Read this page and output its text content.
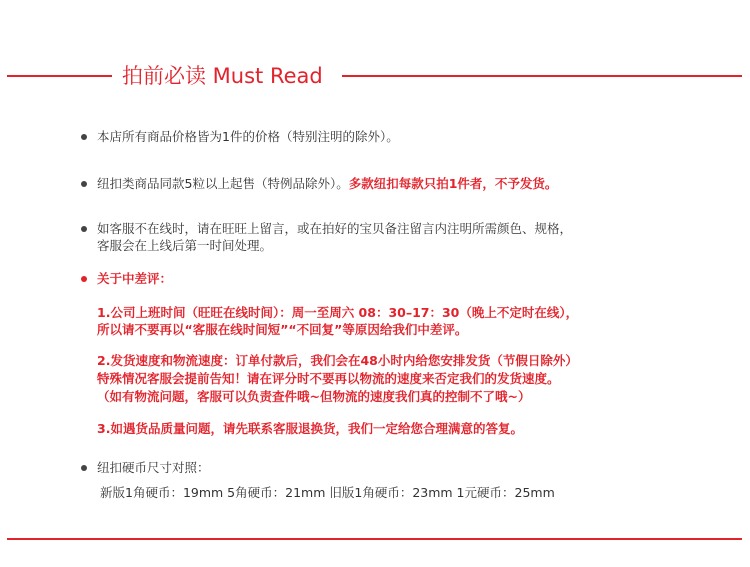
拍前必读 Must Read
本店所有商品价格皆为1件的价格（特别注明的除外）。
纽扣类商品同款5粒以上起售（特例品除外）。多款纽扣每款只拍1件者，不予发货。
如客服不在线时，请在旺旺上留言，或在拍好的宝贝备注留言内注明所需颜色、规格，
客服会在上线后第一时间处理。
关于中差评：
1.公司上班时间（旺旺在线时间）：周一至周六 08：30–17：30（晚上不定时在线），
所以请不要再以“客服在线时间短”“不回复”等原因给我们中差评。
2.发货速度和物流速度：订单付款后，我们会在48小时内给您安排发货（节假日除外）
特殊情况客服会提前告知！请在评分时不要再以物流的速度来否定我们的发货速度。
（如有物流问题，客服可以负责查件哦~但物流的速度我们真的控制不了哦~）
3.如遇货品质量问题，请先联系客服退换货，我们一定给您合理满意的答复。
纽扣硬币尺寸对照：
新版1角硬币：19mm 5角硬币：21mm 旧版1角硬币：23mm 1元硬币：25mm
